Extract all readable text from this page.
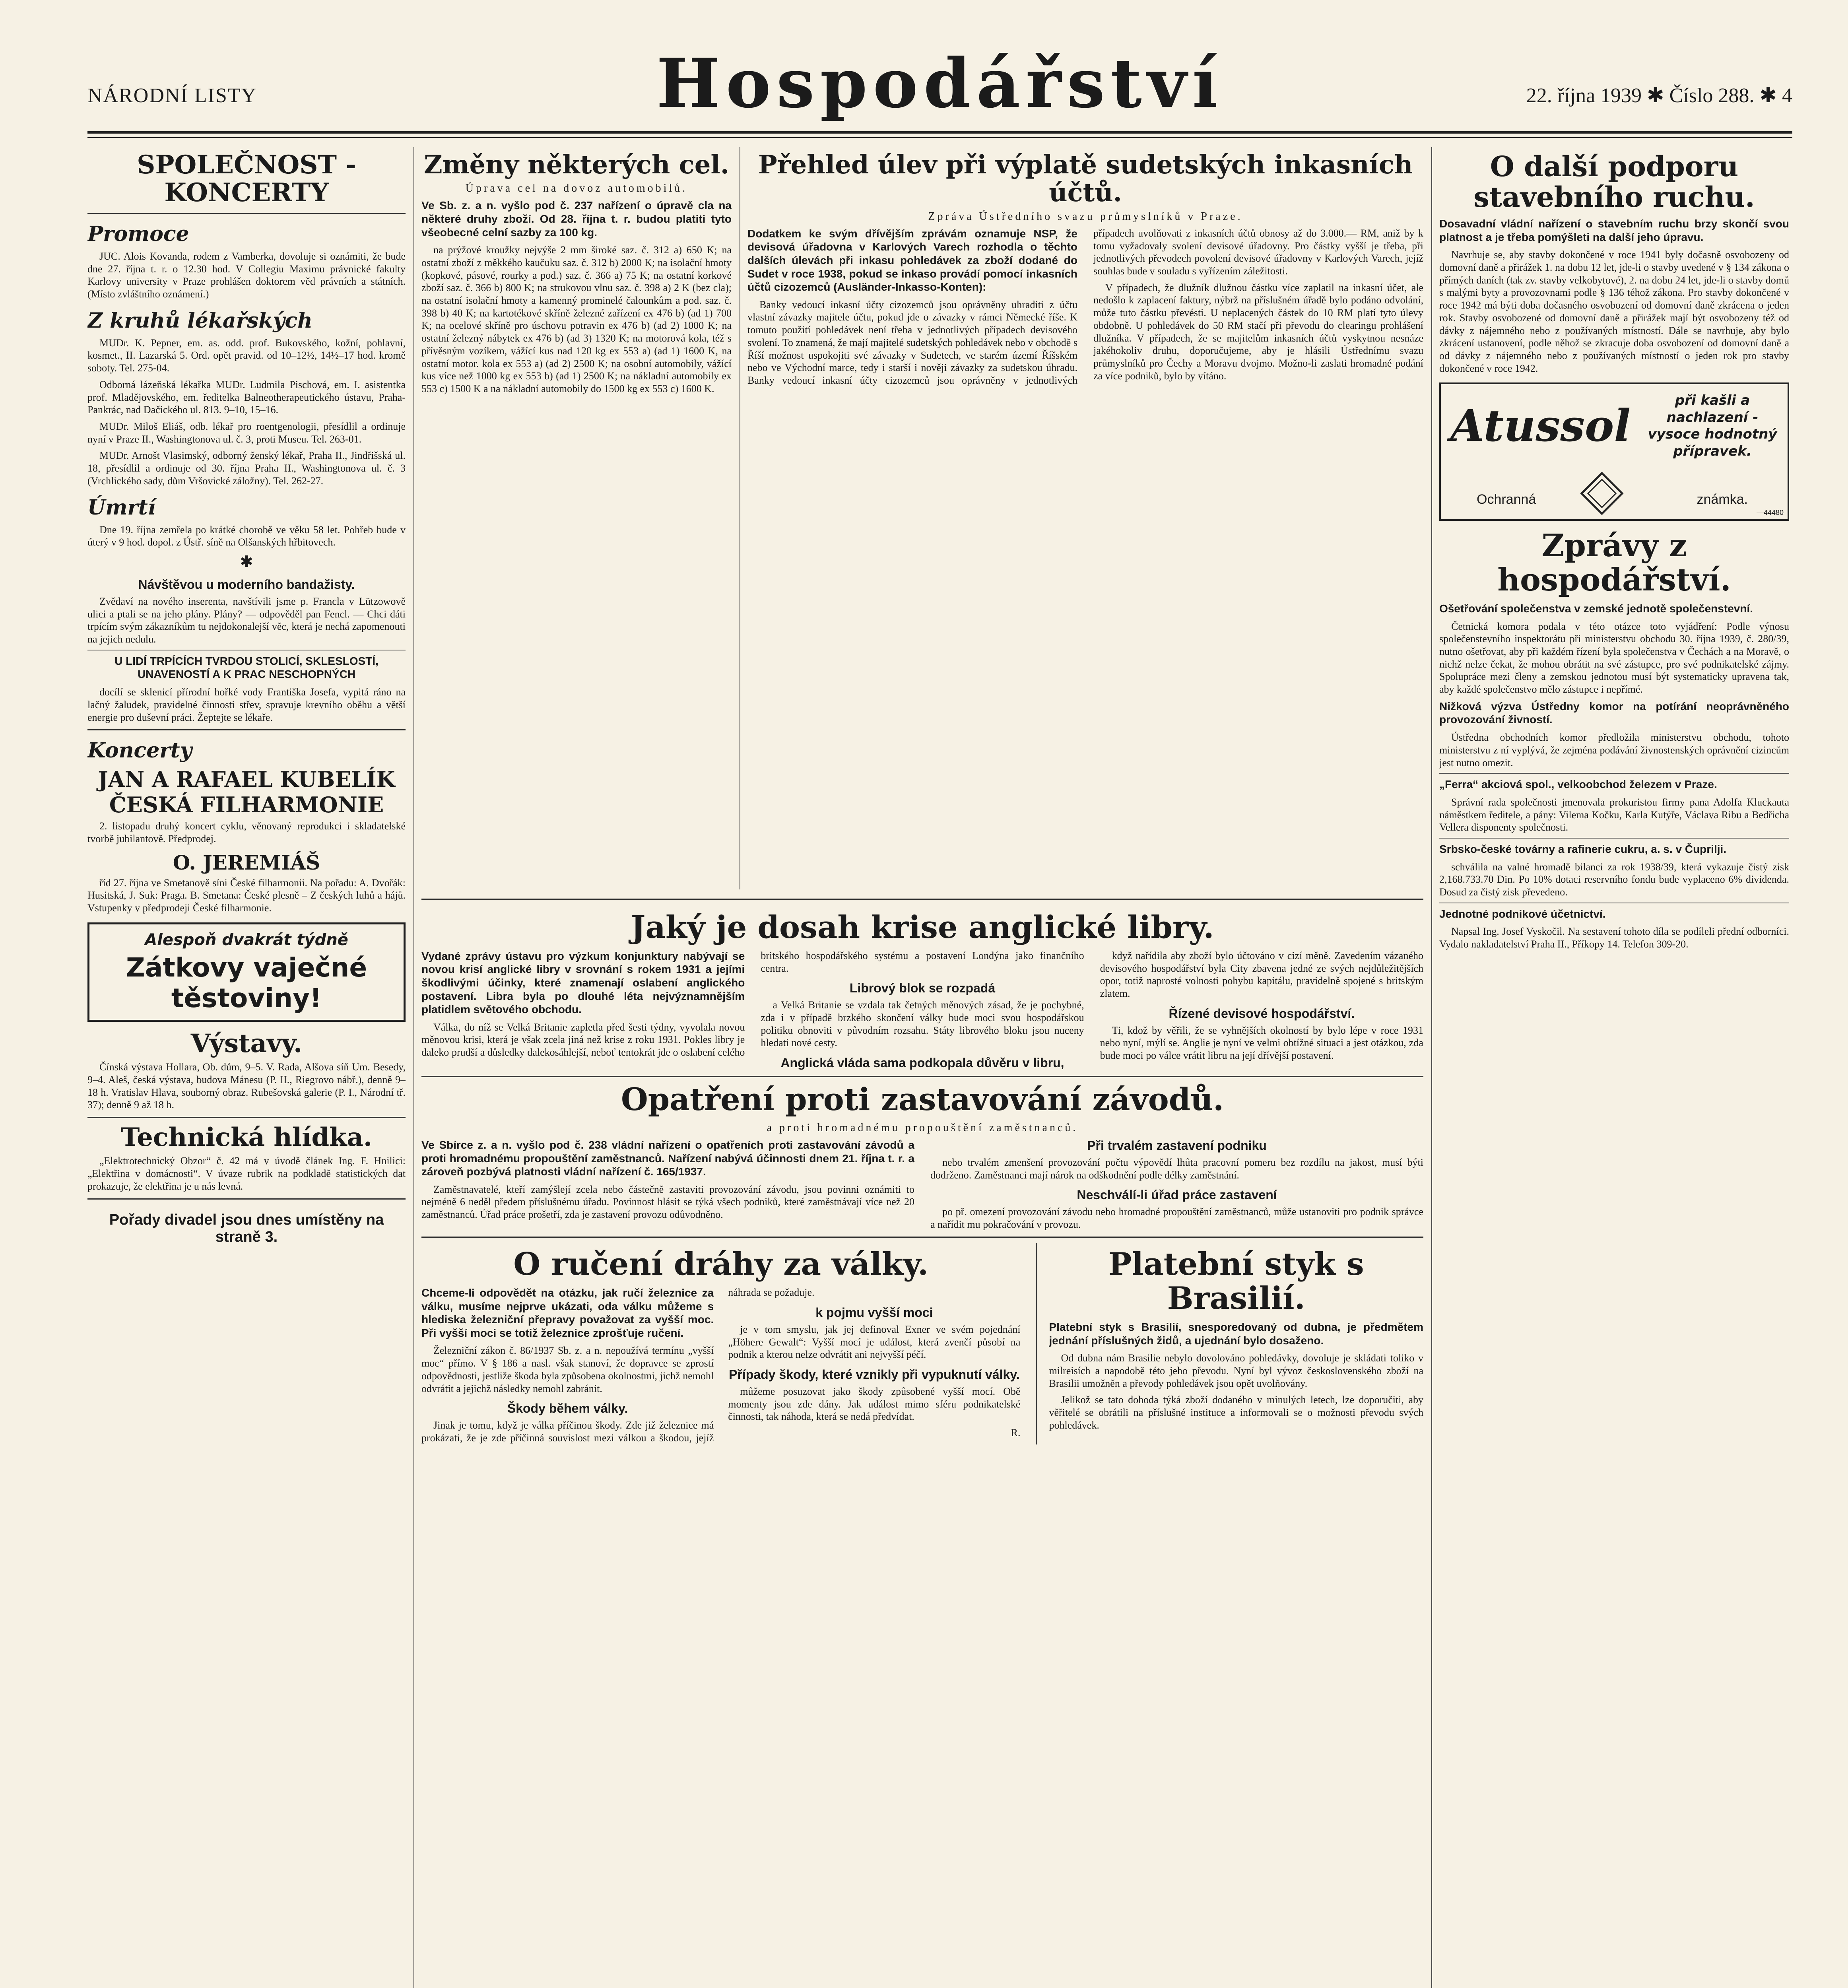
NÁRODNÍ LISTY	Hospodářství	22. října 1939 ✱ Číslo 288. ✱ 4
SPOLEČNOST - KONCERTY
Promoce

JUC. Alois Kovanda, rodem z Vamberka, dovoluje si oznámiti, že bude dne 27. října t. r. o 12.30 hod. V Collegiu Maximu právnické fakulty Karlovy university v Praze prohlášen doktorem věd právních a státních. (Místo zvláštního oznámení.)

Z kruhů lékařských

MUDr. K. Pepner, em. as. odd. prof. Bukovského, kožní, pohlavní, kosmet., II. Lazarská 5. Ord. opět pravid. od 10–12½, 14½–17 hod. kromě soboty. Tel. 275-04.

Odborná lázeňská lékařka MUDr. Ludmila Pischová, em. I. asistentka prof. Mladějovského, em. ředitelka Balneotherapeutického ústavu, Praha-Pankrác, nad Dačického ul. 813. 9–10, 15–16.

MUDr. Miloš Eliáš, odb. lékař pro roentgenologii, přesídlil a ordinuje nyní v Praze II., Washingtonova ul. č. 3, proti Museu. Tel. 263-01.

MUDr. Arnošt Vlasimský, odborný ženský lékař, Praha II., Jindřišská ul. 18, přesídlil a ordinuje od 30. října Praha II., Washingtonova ul. č. 3 (Vrchlického sady, dům Vršovické záložny). Tel. 262-27.

Úmrtí

Dne 19. října zemřela po krátké chorobě ve věku 58 let. Pohřeb bude v úterý v 9 hod. dopol. z Ústř. síně na Olšanských hřbitovech.

✱

Návštěvou u moderního bandažisty.

Zvědaví na nového inserenta, navštívili jsme p. Francla v Lützowově ulici a ptali se na jeho plány. Plány? — odpověděl pan Fencl. — Chci dáti trpícím svým zákazníkům tu nejdokonalejší věc, která je nechá zapomenouti na jejich nedulu.

U LIDÍ TRPÍCÍCH TVRDOU STOLICÍ, SKLESLOSTÍ, UNAVENOSTÍ A K PRAC NESCHOPNÝCH

docílí se sklenicí přírodní hořké vody Františka Josefa, vypitá ráno na lačný žaludek, pravidelné činnosti střev, spravuje krevního oběhu a větší energie pro duševní práci. Žeptejte se lékaře.

Koncerty
JAN A RAFAEL KUBELÍK ČESKÁ FILHARMONIE

2. listopadu druhý koncert cyklu, věnovaný reprodukci i skladatelské tvorbě jubilantově. Předprodej.

O. JEREMIÁŠ

říd 27. října ve Smetanově síni České filharmonii. Na pořadu: A. Dvořák: Husitská, J. Suk: Praga. B. Smetana: České plesně – Z českých luhů a hájů. Vstupenky v předprodeji České filharmonie.

Alespoň dvakrát týdně
Zátkovy vaječné těstoviny!
Výstavy.

Čínská výstava Hollara, Ob. dům, 9–5. V. Rada, Alšova síň Um. Besedy, 9–4. Aleš, česká výstava, budova Mánesu (P. II., Riegrovo nábř.), denně 9–18 h. Vratislav Hlava, souborný obraz. Rubešovská galerie (P. I., Národní tř. 37); denně 9 až 18 h.

Technická hlídka.

„Elektrotechnický Obzor“ č. 42 má v úvodě článek Ing. F. Hnilici: „Elektřina v domácnosti“. V úvaze rubrik na podkladě statistických dat prokazuje, že elektřina je u nás levná.

Pořady divadel jsou dnes umístěny na straně 3.

Změny některých cel.

Úprava cel na dovoz automobilů.

Ve Sb. z. a n. vyšlo pod č. 237 nařízení o úpravě cla na některé druhy zboží. Od 28. října t. r. budou platiti tyto všeobecné celní sazby za 100 kg.

na prýžové kroužky nejvýše 2 mm široké saz. č. 312 a) 650 K; na ostatní zboží z měkkého kaučuku saz. č. 312 b) 2000 K; na isolační hmoty (kopkové, pásové, rourky a pod.) saz. č. 366 a) 75 K; na ostatní korkové zboží saz. č. 366 b) 800 K; na strukovou vlnu saz. č. 398 a) 2 K (bez cla); na ostatní isolační hmoty a kamenný prominelé čalounkům a pod. saz. č. 398 b) 40 K; na kartotékové skříně železné zařízení ex 476 b) (ad 1) 700 K; na ocelové skříně pro úschovu potravin ex 476 b) (ad 2) 1000 K; na ostatní železný nábytek ex 476 b) (ad 3) 1320 K; na motorová kola, též s přívěsným vozíkem, vážící kus nad 120 kg ex 553 a) (ad 1) 1600 K, na ostatní motor. kola ex 553 a) (ad 2) 2500 K; na osobní automobily, vážící kus více než 1000 kg ex 553 b) (ad 1) 2500 K; na nákladní automobily ex 553 c) 1500 K a na nákladní automobily do 1500 kg ex 553 c) 1600 K.

Přehled úlev při výplatě sudetských inkasních účtů.

Zpráva Ústředního svazu průmyslníků v Praze.

Dodatkem ke svým dřívějším zprávám oznamuje NSP, že devisová úřadovna v Karlových Varech rozhodla o těchto dalších úlevách při inkasu pohledávek za zboží dodané do Sudet v roce 1938, pokud se inkaso provádí pomocí inkasních účtů cizozemců (Ausländer-Inkasso-Konten):

Banky vedoucí inkasní účty cizozemců jsou oprávněny uhraditi z účtu vlastní závazky majitele účtu, pokud jde o závazky v rámci Německé říše. K tomuto použití pohledávek není třeba v jednotlivých případech devisového svolení. To znamená, že mají majitelé sudetských pohledávek nebo v obchodě s Říší možnost uspokojiti své závazky v Sudetech, ve starém území Říšském nebo ve Východní marce, tedy i starší i nověji závazky za sudetskou úhradu. Banky vedoucí inkasní účty cizozemců jsou oprávněny v jednotlivých případech uvolňovati z inkasních účtů obnosy až do 3.000.— RM, aniž by k tomu vyžadovaly svolení devisové úřadovny. Pro částky vyšší je třeba, při jednotlivých převodech povolení devisové úřadovny v Karlových Varech, jejíž souhlas bude v souladu s vyřízením záležitosti.

V případech, že dlužník dlužnou částku více zaplatil na inkasní účet, ale nedošlo k zaplacení faktury, nýbrž na příslušném úřadě bylo podáno odvolání, může tuto částku převésti. U neplacených částek do 10 RM platí tyto úlevy obdobně. U pohledávek do 50 RM stačí při převodu do clearingu prohlášení dlužníka. V případech, že se majitelům inkasních účtů vyskytnou nesnáze jakéhokoliv druhu, doporučujeme, aby je hlásili Ústřednímu svazu průmyslníků pro Čechy a Moravu dvojmo. Možno-li zaslati hromadné podání za více podniků, bylo by vítáno.

Jaký je dosah krise anglické libry.

Vydané zprávy ústavu pro výzkum konjunktury nabývají se novou krisí anglické libry v srovnání s rokem 1931 a jejími škodlivými účinky, které znamenají oslabení anglického postavení. Libra byla po dlouhé léta nejvýznamnějším platidlem světového obchodu.

Válka, do níž se Velká Britanie zapletla před šesti týdny, vyvolala novou měnovou krisi, která je však zcela jiná než krise z roku 1931. Pokles libry je daleko prudší a důsledky dalekosáhlejší, neboť tentokrát jde o oslabení celého britského hospodářského systému a postavení Londýna jako finančního centra.

Librový blok se rozpadá

a Velká Britanie se vzdala tak četných měnových zásad, že je pochybné, zda i v případě brzkého skončení války bude moci svou hospodářskou politiku obnoviti v původním rozsahu. Státy librového bloku jsou nuceny hledati nové cesty.

Anglická vláda sama podkopala důvěru v libru,

když nařídila aby zboží bylo účtováno v cizí měně. Zavedením vázaného devisového hospodářství byla City zbavena jedné ze svých nejdůležitějších opor, totiž naprosté volnosti pohybu kapitálu, pravidelně spojené s britským zlatem.

Řízené devisové hospodářství.

Ti, kdož by věřili, že se vyhnějších okolností by bylo lépe v roce 1931 nebo nyní, mýlí se. Anglie je nyní ve velmi obtížné situaci a jest otázkou, zda bude moci po válce vrátit libru na její dřívější postavení.

Opatření proti zastavování závodů.

a proti hromadnému propouštění zaměstnanců.

Ve Sbírce z. a n. vyšlo pod č. 238 vládní nařízení o opatřeních proti zastavování závodů a proti hromadnému propouštění zaměstnanců. Nařízení nabývá účinnosti dnem 21. října t. r. a zároveň pozbývá platnosti vládní nařízení č. 165/1937.

Zaměstnavatelé, kteří zamýšlejí zcela nebo částečně zastaviti provozování závodu, jsou povinni oznámiti to nejméně 6 neděl předem příslušnému úřadu. Povinnost hlásit se týká všech podniků, které zaměstnávají více než 20 zaměstnanců. Úřad práce prošetří, zda je zastavení provozu odůvodněno.

Při trvalém zastavení podniku

nebo trvalém zmenšení provozování počtu výpovědí lhůta pracovní pomeru bez rozdílu na jakost, musí býti dodrženo. Zaměstnanci mají nárok na odškodnění podle délky zaměstnání.

Neschválí-li úřad práce zastavení

po př. omezení provozování závodu nebo hromadné propouštění zaměstnanců, může ustanoviti pro podnik správce a nařídit mu pokračování v provozu.

O ručení dráhy za války.

Chceme-li odpovědět na otázku, jak ručí železnice za válku, musíme nejprve ukázati, oda válku můžeme s hlediska železniční přepravy považovat za vyšší moc. Při vyšší moci se totiž železnice zprošťuje ručení.

Železniční zákon č. 86/1937 Sb. z. a n. nepoužívá termínu „vyšší moc“ přímo. V § 186 a nasl. však stanoví, že dopravce se zprostí odpovědnosti, jestliže škoda byla způsobena okolnostmi, jichž nemohl odvrátit a jejichž následky nemohl zabránit.

Škody během války.

Jinak je tomu, když je válka příčinou škody. Zde již železnice má prokázati, že je zde příčinná souvislost mezi válkou a škodou, jejíž náhrada se požaduje.

k pojmu vyšší moci

je v tom smyslu, jak jej definoval Exner ve svém pojednání „Höhere Gewalt“: Vyšší mocí je událost, která zvenčí působí na podnik a kterou nelze odvrátit ani nejvyšší péčí.

Případy škody, které vznikly při vypuknutí války.

můžeme posuzovat jako škody způsobené vyšší mocí. Obě momenty jsou zde dány. Jak událost mimo sféru podnikatelské činnosti, tak náhoda, která se nedá předvídat.

R.

Platební styk s Brasilií.

Platební styk s Brasilií, snesporedovaný od dubna, je předmětem jednání příslušných židů, a ujednání bylo dosaženo.

Od dubna nám Brasilie nebylo dovolováno pohledávky, dovoluje je skládati toliko v milreisích a napodobě této jeho převodu. Nyní byl vývoz československého zboží na Brasilii umožněn a převody pohledávek jsou opět uvolňovány.

Jelikož se tato dohoda týká zboží dodaného v minulých letech, lze doporučiti, aby věřitelé se obrátili na příslušné instituce a informovali se o možnosti převodu svých pohledávek.

O další podporu stavebního ruchu.

Dosavadní vládní nařízení o stavebním ruchu brzy skončí svou platnost a je třeba pomýšleti na další jeho úpravu.

Navrhuje se, aby stavby dokončené v roce 1941 byly dočasně osvobozeny od domovní daně a přirážek 1. na dobu 12 let, jde-li o stavby uvedené v § 134 zákona o přímých daních (tak zv. stavby velkobytové), 2. na dobu 24 let, jde-li o stavby domů s malými byty a provozovnami podle § 136 téhož zákona. Pro stavby dokončené v roce 1942 má býti doba dočasného osvobození od domovní daně zkrácena o jeden rok. Stavby osvobozené od domovní daně a přirážek mají být osvobozeny též od dávky z nájemného nebo z používaných místností. Dále se navrhuje, aby bylo zkrácení ustanovení, podle něhož se zkracuje doba osvobození od domovní daně a od dávky z nájemného nebo z používaných místností o jeden rok pro stavby dokončené v roce 1942.

Atussol	při kašli a nachlazení - vysoce hodnotný přípravek.
Ochranná	známka.
—44480
Zprávy z hospodářství.

Ošetřování společenstva v zemské jednotě společenstevní.

Četnická komora podala v této otázce toto vyjádření: Podle výnosu společenstevního inspektorátu při ministerstvu obchodu 30. října 1939, č. 280/39, nutno ošetřovat, aby při každém řízení byla společenstva v Čechách a na Moravě, o nichž nelze čekat, že mohou obrátit na své zástupce, pro své podnikatelské zájmy. Spolupráce mezi členy a zemskou jednotou musí být systematicky upravena tak, aby každé společenstvo mělo zástupce i nepřímé.

Nižková výzva Ústředny komor na potírání neoprávněného provozování živností.

Ústředna obchodních komor předložila ministerstvu obchodu, tohoto ministerstvu z ní vyplývá, že zejména podávání živnostenských oprávnění cizincům jest nutno omezit.

„Ferra“ akciová spol., velkoobchod železem v Praze.

Správní rada společnosti jmenovala prokuristou firmy pana Adolfa Kluckauta náměstkem ředitele, a pány: Vilema Kočku, Karla Kutýře, Václava Ribu a Bedřicha Vellera disponenty společnosti.

Srbsko-české továrny a rafinerie cukru, a. s. v Čuprilji.

schválila na valné hromadě bilanci za rok 1938/39, která vykazuje čistý zisk 2,168.733.70 Din. Po 10% dotaci reservního fondu bude vyplaceno 6% dividenda. Dosud za čistý zisk převedeno.

Jednotné podnikové účetnictví.

Napsal Ing. Josef Vyskočil. Na sestavení tohoto díla se podíleli přední odborníci. Vydalo nakladatelství Praha II., Příkopy 14. Telefon 309-20.
